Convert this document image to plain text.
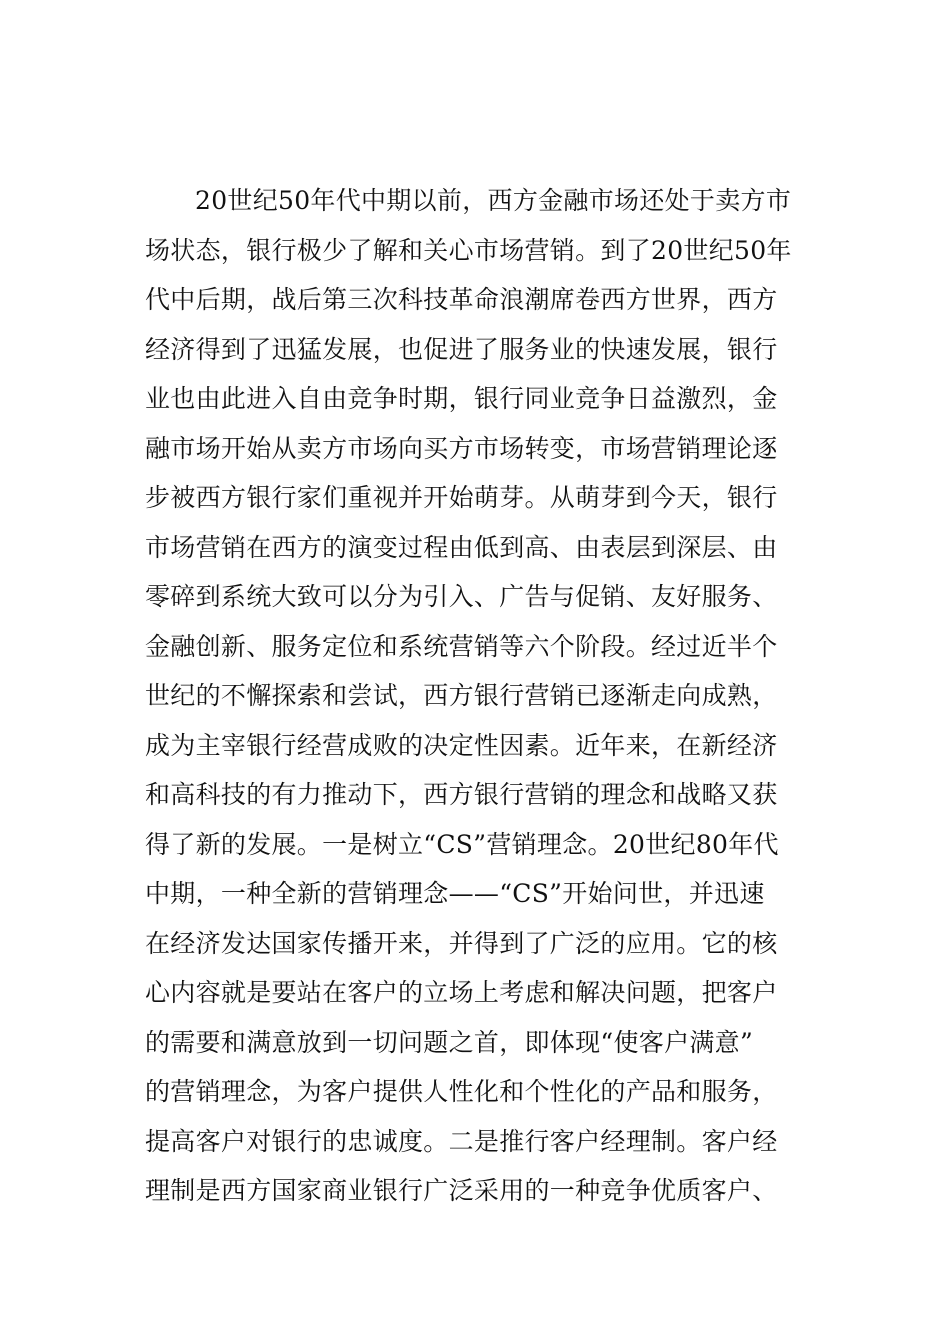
20世纪50年代中期以前，西方金融市场还处于卖方市
场状态，银行极少了解和关心市场营销。到了20世纪50年
代中后期，战后第三次科技革命浪潮席卷西方世界，西方
经济得到了迅猛发展，也促进了服务业的快速发展，银行
业也由此进入自由竞争时期，银行同业竞争日益激烈，金
融市场开始从卖方市场向买方市场转变，市场营销理论逐
步被西方银行家们重视并开始萌芽。从萌芽到今天，银行
市场营销在西方的演变过程由低到高、由表层到深层、由
零碎到系统大致可以分为引入、广告与促销、友好服务、
金融创新、服务定位和系统营销等六个阶段。经过近半个
世纪的不懈探索和尝试，西方银行营销已逐渐走向成熟，
成为主宰银行经营成败的决定性因素。近年来，在新经济
和高科技的有力推动下，西方银行营销的理念和战略又获
得了新的发展。一是树立“CS”营销理念。20世纪80年代
中期，一种全新的营销理念——“CS”开始问世，并迅速
在经济发达国家传播开来，并得到了广泛的应用。它的核
心内容就是要站在客户的立场上考虑和解决问题，把客户
的需要和满意放到一切问题之首，即体现“使客户满意”
的营销理念，为客户提供人性化和个性化的产品和服务，
提高客户对银行的忠诚度。二是推行客户经理制。客户经
理制是西方国家商业银行广泛采用的一种竞争优质客户、
